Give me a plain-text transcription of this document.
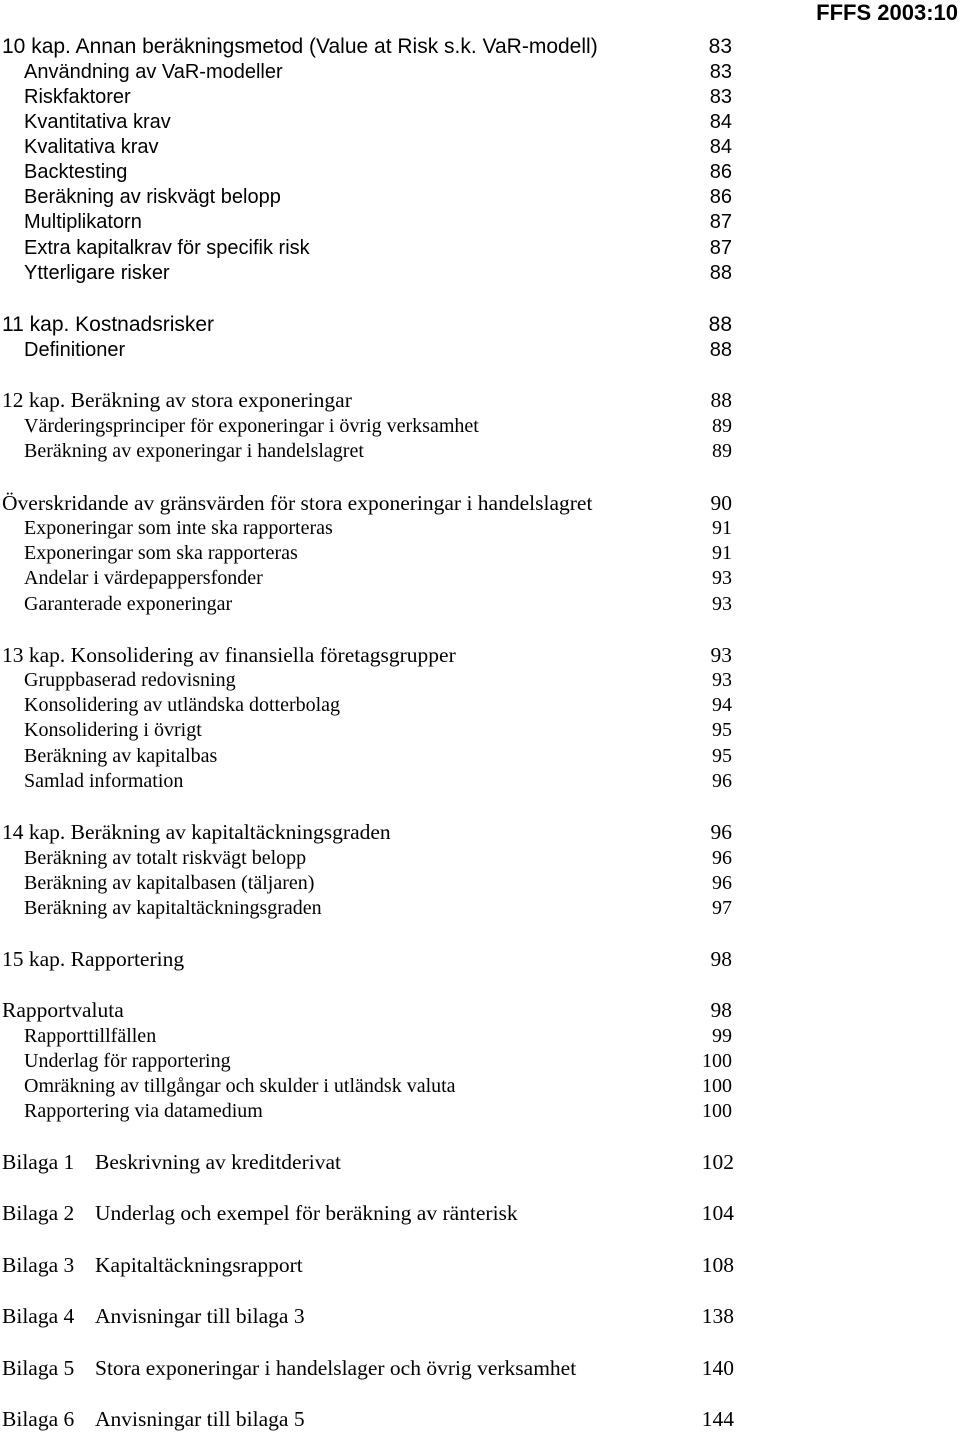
FFFS 2003:10
10 kap. Annan beräkningsmetod (Value at Risk s.k. VaR-modell)	83
Användning av VaR-modeller	83
Riskfaktorer	83
Kvantitativa krav	84
Kvalitativa krav	84
Backtesting	86
Beräkning av riskvägt belopp	86
Multiplikatorn	87
Extra kapitalkrav för specifik risk	87
Ytterligare risker	88
11 kap. Kostnadsrisker	88
Definitioner	88
12 kap. Beräkning av stora exponeringar	88
Värderingsprinciper för exponeringar i övrig verksamhet	89
Beräkning av exponeringar i handelslagret	89
Överskridande av gränsvärden för stora exponeringar i handelslagret	90
Exponeringar som inte ska rapporteras	91
Exponeringar som ska rapporteras	91
Andelar i värdepappersfonder	93
Garanterade exponeringar	93
13 kap. Konsolidering av finansiella företagsgrupper	93
Gruppbaserad redovisning	93
Konsolidering av utländska dotterbolag	94
Konsolidering i övrigt	95
Beräkning av kapitalbas	95
Samlad information	96
14 kap. Beräkning av kapitaltäckningsgraden	96
Beräkning av totalt riskvägt belopp	96
Beräkning av kapitalbasen (täljaren)	96
Beräkning av kapitaltäckningsgraden	97
15 kap. Rapportering	98
Rapportvaluta	98
Rapporttillfällen	99
Underlag för rapportering	100
Omräkning av tillgångar och skulder i utländsk valuta	100
Rapportering via datamedium	100
Bilaga 1 Beskrivning av kreditderivat	102
Bilaga 2 Underlag och exempel för beräkning av ränterisk	104
Bilaga 3 Kapitaltäckningsrapport	108
Bilaga 4 Anvisningar till bilaga 3	138
Bilaga 5 Stora exponeringar i handelslager och övrig verksamhet	140
Bilaga 6 Anvisningar till bilaga 5	144
